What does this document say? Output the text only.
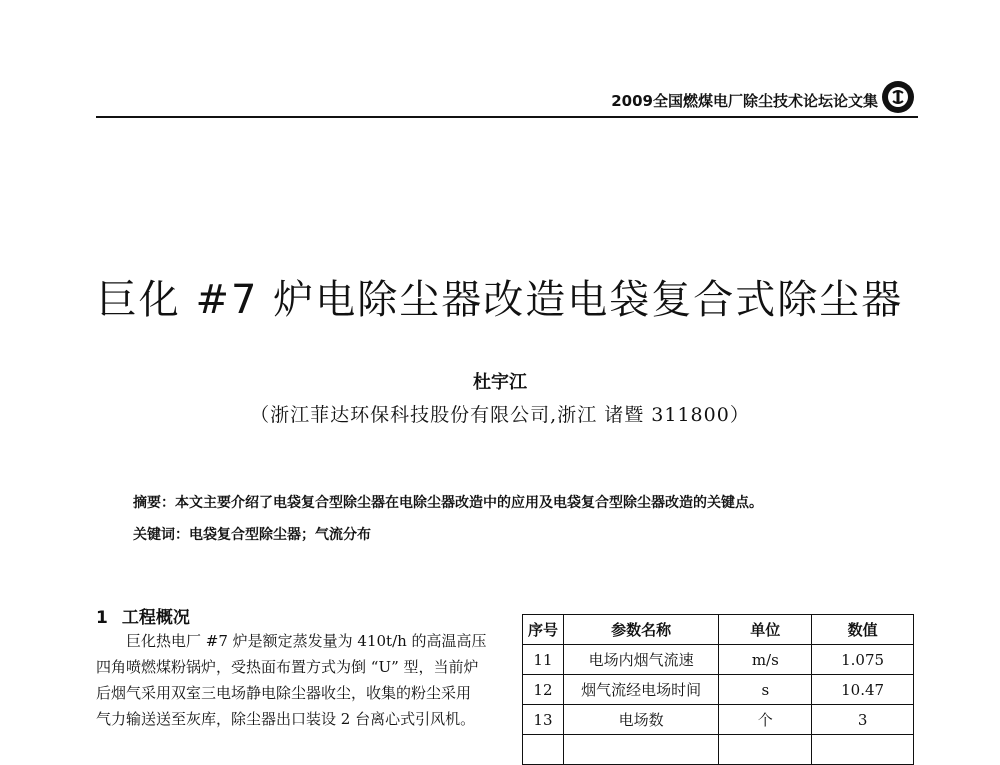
2009全国燃煤电厂除尘技术论坛论文集
巨化 #7 炉电除尘器改造电袋复合式除尘器
杜宇江
（浙江菲达环保科技股份有限公司,浙江 诸暨 311800）
摘要：本文主要介绍了电袋复合型除尘器在电除尘器改造中的应用及电袋复合型除尘器改造的关键点。
关键词：电袋复合型除尘器；气流分布
1 工程概况
巨化热电厂 #7 炉是额定蒸发量为 410t/h 的高温高压
四角喷燃煤粉锅炉，受热面布置方式为倒 “U” 型，当前炉
后烟气采用双室三电场静电除尘器收尘，收集的粉尘采用
气力输送送至灰库，除尘器出口装设 2 台离心式引风机。
序号	参数名称	单位	数值
11	电场内烟气流速	m/s	1.075
12	烟气流经电场时间	s	10.47
13	电场数	个	3
